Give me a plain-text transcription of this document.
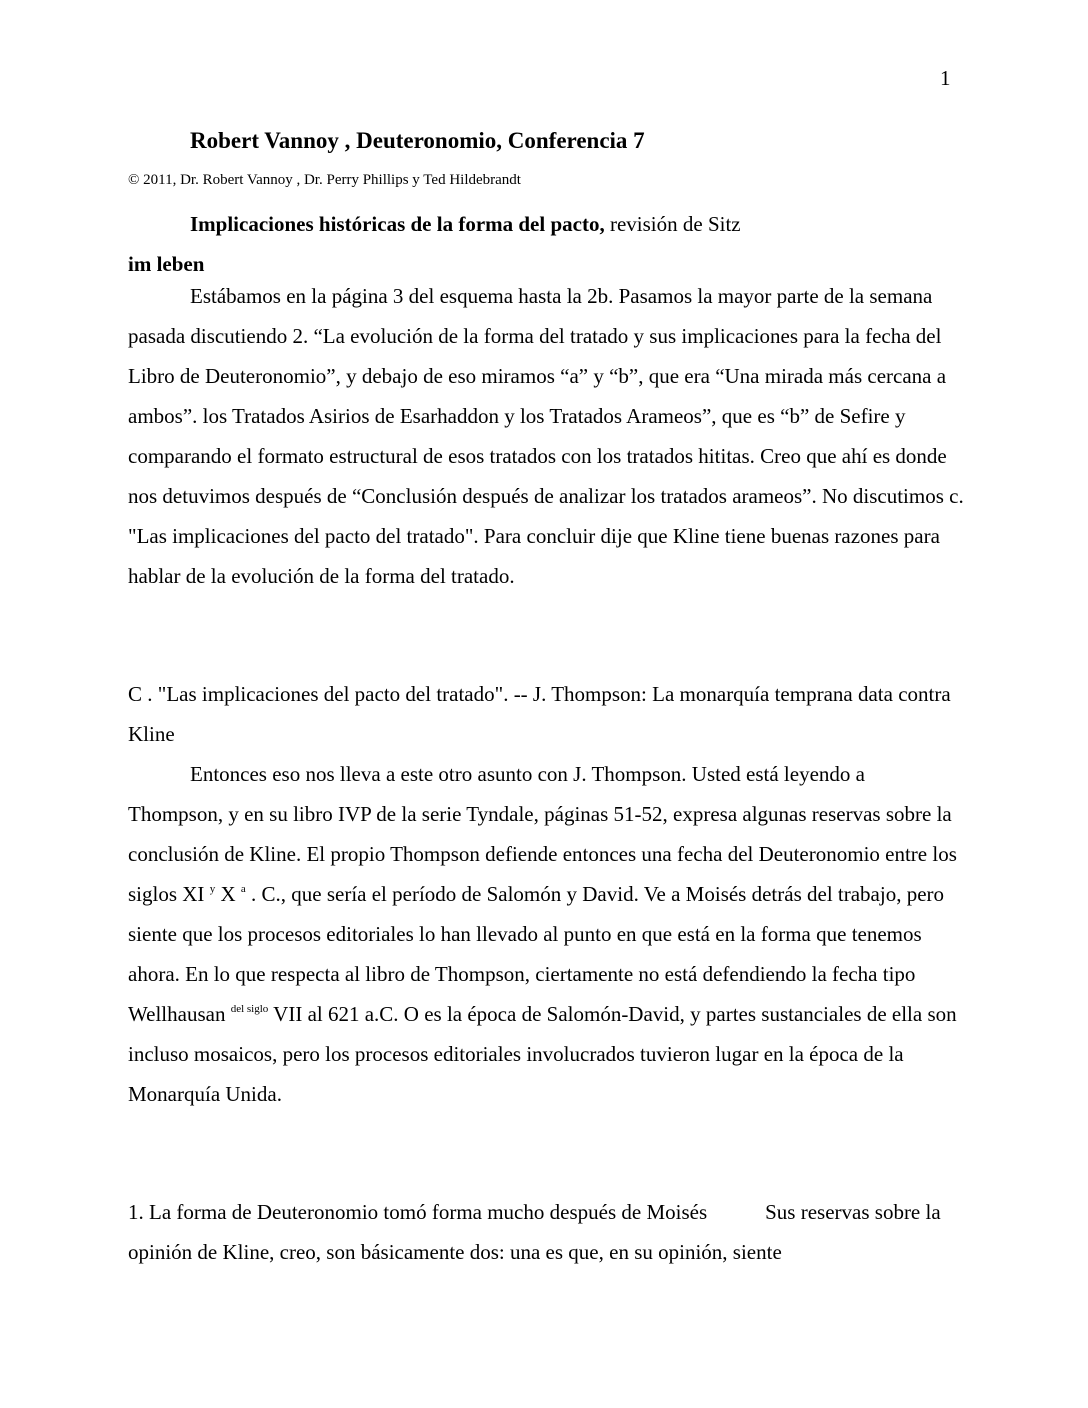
1
Robert Vannoy , Deuteronomio, Conferencia 7
© 2011, Dr. Robert Vannoy , Dr. Perry Phillips y Ted Hildebrandt
Implicaciones históricas de la forma del pacto, revisión de Sitz
im leben

Estábamos en la página 3 del esquema hasta la 2b. Pasamos la mayor parte de la semana pasada discutiendo 2. “La evolución de la forma del tratado y sus implicaciones para la fecha del Libro de Deuteronomio”, y debajo de eso miramos “a” y “b”, que era “Una mirada más cercana a ambos”. los Tratados Asirios de Esarhaddon y los Tratados Arameos”, que es “b” de Sefire y comparando el formato estructural de esos tratados con los tratados hititas. Creo que ahí es donde nos detuvimos después de “Conclusión después de analizar los tratados arameos”. No discutimos c. "Las implicaciones del pacto del tratado". Para concluir dije que Kline tiene buenas razones para hablar de la evolución de la forma del tratado.

C . "Las implicaciones del pacto del tratado". -- J. Thompson: La monarquía temprana data contra Kline

Entonces eso nos lleva a este otro asunto con J. Thompson. Usted está leyendo a Thompson, y en su libro IVP de la serie Tyndale, páginas 51-52, expresa algunas reservas sobre la conclusión de Kline. El propio Thompson defiende entonces una fecha del Deuteronomio entre los siglos XI $^y$ X $^a$ . C., que sería el período de Salomón y David. Ve a Moisés detrás del trabajo, pero siente que los procesos editoriales lo han llevado al punto en que está en la forma que tenemos ahora. En lo que respecta al libro de Thompson, ciertamente no está defendiendo la fecha tipo Wellhausan $^{del siglo}$ VII al 621 a.C. O es la época de Salomón-David, y partes sustanciales de ella son incluso mosaicos, pero los procesos editoriales involucrados tuvieron lugar en la época de la Monarquía Unida.

1. La forma de Deuteronomio tomó forma mucho después de Moisés	Sus reservas sobre la opinión de Kline, creo, son básicamente dos: una es que, en su opinión, siente
